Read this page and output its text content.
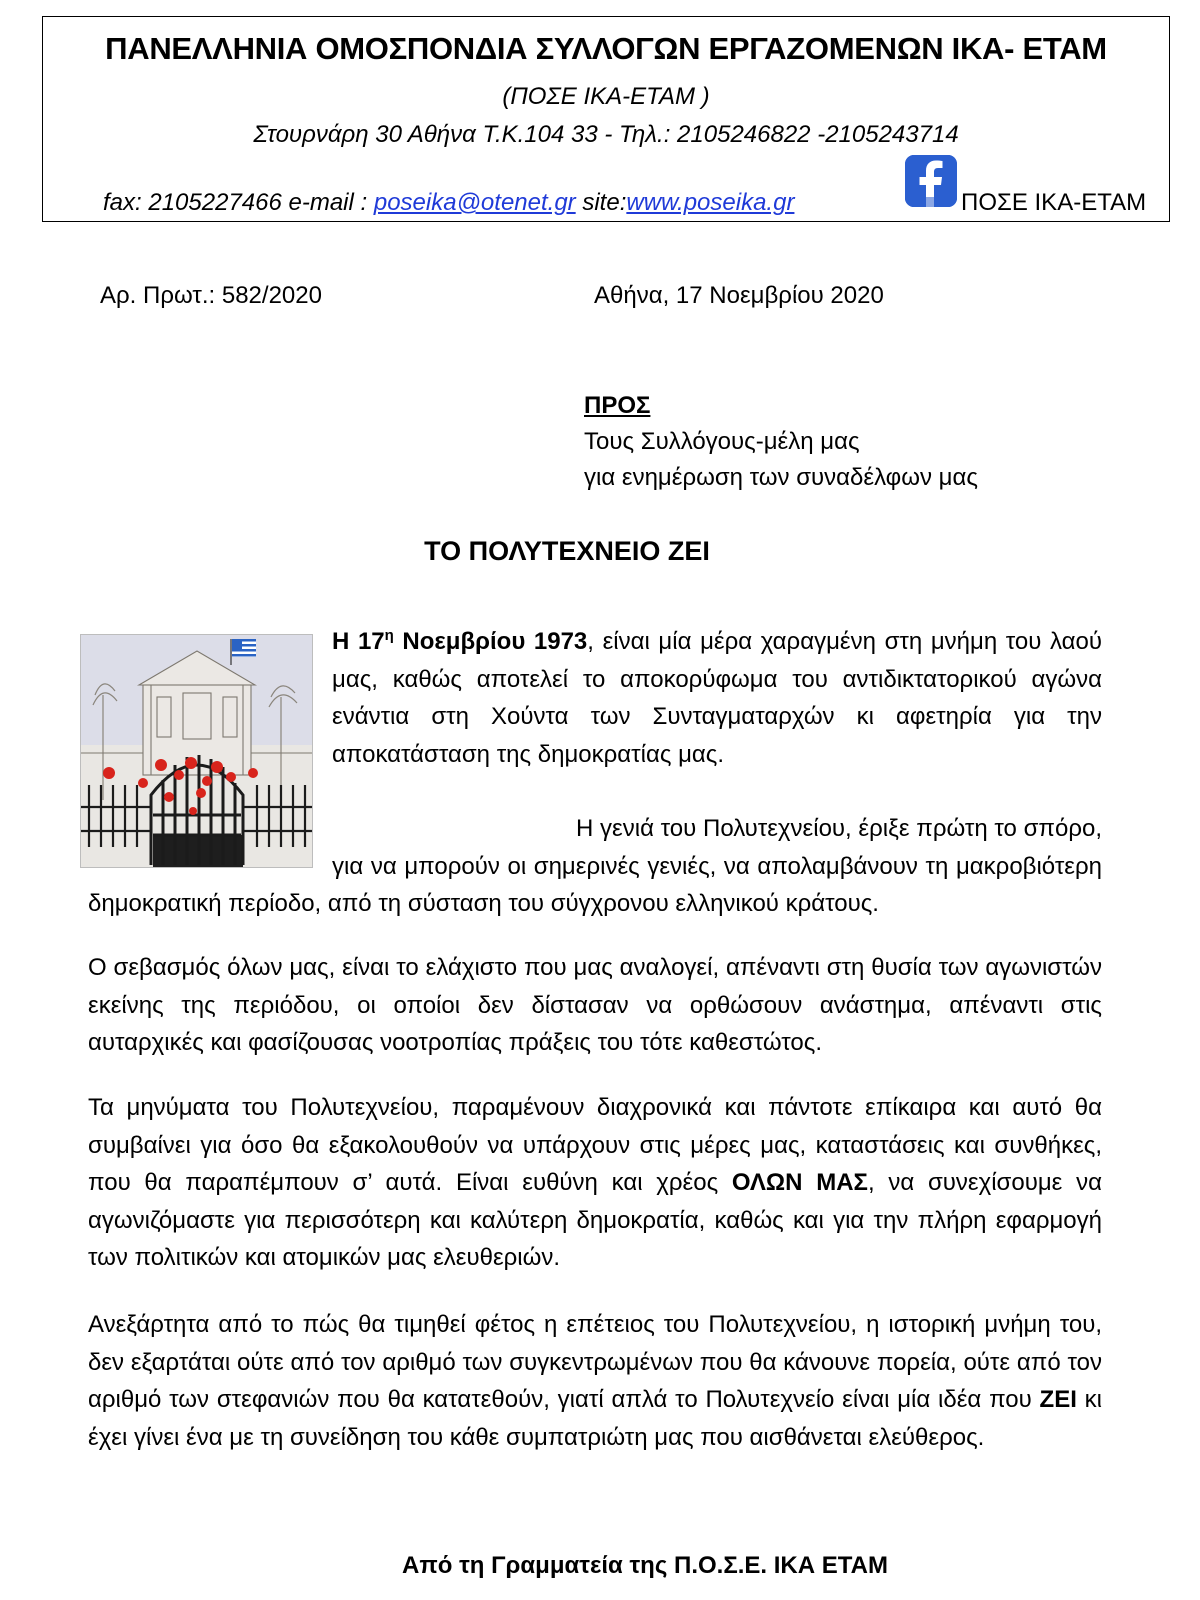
ΠΑΝΕΛΛΗΝΙΑ ΟΜΟΣΠΟΝΔΙΑ ΣΥΛΛΟΓΩΝ ΕΡΓΑΖΟΜΕΝΩΝ ΙΚΑ- ΕΤΑΜ
(ΠΟΣΕ ΙΚΑ-ΕΤΑΜ )
Στουρνάρη 30 Αθήνα Τ.Κ.104 33 - Τηλ.: 2105246822 -2105243714
fax: 2105227466 e-mail : poseika@otenet.gr site:www.poseika.gr	ΠΟΣΕ ΙΚΑ-ΕΤΑΜ
Αρ. Πρωτ.: 582/2020	Αθήνα, 17 Νοεμβρίου 2020
ΠΡΟΣ
Τους Συλλόγους-μέλη μας
για ενημέρωση των συναδέλφων μας
ΤΟ ΠΟΛΥΤΕΧΝΕΙΟ ΖΕΙ
Η $17^\eta$ Νοεμβρίου 1973, είναι μία μέρα χαραγμένη στη μνήμη του λαού μας, καθώς αποτελεί το αποκορύφωμα του αντιδικτατορικού αγώνα ενάντια στη Χούντα των Συνταγματαρχών κι αφετηρία για την αποκατάσταση της δημοκρατίας μας.
Η γενιά του Πολυτεχνείου, έριξε πρώτη το σπόρο, για να μπορούν οι σημερινές γενιές, να απολαμβάνουν τη μακροβιότερη δημοκρατική περίοδο, από τη σύσταση του σύγχρονου ελληνικού κράτους.
Ο σεβασμός όλων μας, είναι το ελάχιστο που μας αναλογεί, απέναντι στη θυσία των αγωνιστών εκείνης της περιόδου, οι οποίοι δεν δίστασαν να ορθώσουν ανάστημα, απέναντι στις αυταρχικές και φασίζουσας νοοτροπίας πράξεις του τότε καθεστώτος.
Τα μηνύματα του Πολυτεχνείου, παραμένουν διαχρονικά και πάντοτε επίκαιρα και αυτό θα συμβαίνει για όσο θα εξακολουθούν να υπάρχουν στις μέρες μας, καταστάσεις και συνθήκες, που θα παραπέμπουν σ’ αυτά. Είναι ευθύνη και χρέος ΟΛΩΝ ΜΑΣ, να συνεχίσουμε να αγωνιζόμαστε για περισσότερη και καλύτερη δημοκρατία, καθώς και για την πλήρη εφαρμογή των πολιτικών και ατομικών μας ελευθεριών.
Ανεξάρτητα από το πώς θα τιμηθεί φέτος η επέτειος του Πολυτεχνείου, η ιστορική μνήμη του, δεν εξαρτάται ούτε από τον αριθμό των συγκεντρωμένων που θα κάνουνε πορεία, ούτε από τον αριθμό των στεφανιών που θα κατατεθούν, γιατί απλά το Πολυτεχνείο είναι μία ιδέα που ΖΕΙ κι έχει γίνει ένα με τη συνείδηση του κάθε συμπατριώτη μας που αισθάνεται ελεύθερος.
Από τη Γραμματεία της Π.Ο.Σ.Ε. ΙΚΑ ΕΤΑΜ
